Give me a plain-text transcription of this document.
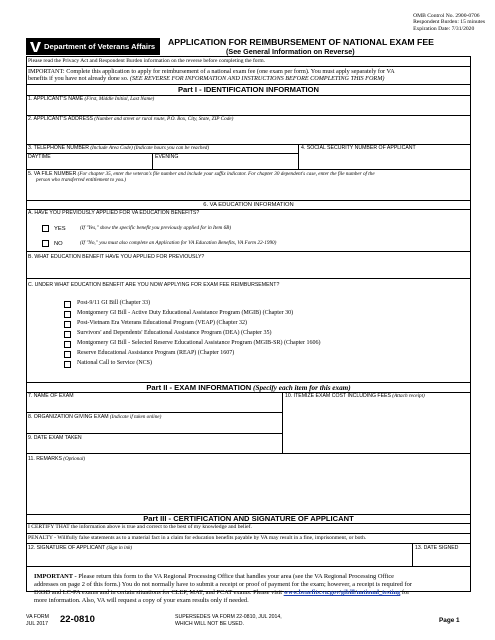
OMB Control No. 2900-0706
Respondent Burden: 15 minutes
Expiration Date: 7/31/2020
Department of Veterans Affairs APPLICATION FOR REIMBURSEMENT OF NATIONAL EXAM FEE
(See General Information on Reverse)
Please read the Privacy Act and Respondent Burden information on the reverse before completing the form.
IMPORTANT: Complete this application to apply for reimbursement of a national exam fee (one exam per form). You must apply separately for VA
benefits if you have not already done so. (SEE REVERSE FOR INFORMATION AND INSTRUCTIONS BEFORE COMPLETING THIS FORM)
Part I - IDENTIFICATION INFORMATION
1. APPLICANT'S NAME (First, Middle Initial, Last Name)
2. APPLICANT'S ADDRESS (Number and street or rural route, P.O. Box, City, State, ZIP Code)
3. TELEPHONE NUMBER (Include Area Code) (Indicate hours you can be reached)
DAYTIME	EVENING
4. SOCIAL SECURITY NUMBER OF APPLICANT
5. VA FILE NUMBER (For chapter 35, enter the veteran's file number and include your suffix indicator. For chapter 30 dependent's case, enter the file number of the
person who transferred entitlement to you.)
6. VA EDUCATION INFORMATION
A. HAVE YOU PREVIOUSLY APPLIED FOR VA EDUCATION BENEFITS?
YES	(If "Yes," show the specific benefit you previously applied for in Item 6B)
NO	(If "No," you must also complete an Application for VA Education Benefits, VA Form 22-1990)
B. WHAT EDUCATION BENEFIT HAVE YOU APPLIED FOR PREVIOUSLY?
C. UNDER WHAT EDUCATION BENEFIT ARE YOU NOW APPLYING FOR EXAM FEE REIMBURSEMENT?
Post-9/11 GI Bill (Chapter 33)
Montgomery GI Bill - Active Duty Educational Assistance Program (MGIB) (Chapter 30)
Post-Vietnam Era Veterans Educational Program (VEAP) (Chapter 32)
Survivors' and Dependents' Educational Assistance Program (DEA) (Chapter 35)
Montgomery GI Bill - Selected Reserve Educational Assistance Program (MGIB-SR) (Chapter 1606)
Reserve Educational Assistance Program (REAP) (Chapter 1607)
National Call to Service (NCS)
Part II - EXAM INFORMATION (Specify each item for this exam)
7. NAME OF EXAM
8. ORGANIZATION GIVING EXAM (Indicate if taken online)
9. DATE EXAM TAKEN
10. ITEMIZE EXAM COST INCLUDING FEES (Attach receipt)
11. REMARKS (Optional)
Part III - CERTIFICATION AND SIGNATURE OF APPLICANT
I CERTIFY THAT the information above is true and correct to the best of my knowledge and belief.
PENALTY - Willfully false statements as to a material fact in a claim for education benefits payable by VA may result in a fine, imprisonment, or both.
12. SIGNATURE OF APPLICANT (Sign in ink)	13. DATE SIGNED
IMPORTANT - Please return this form to the VA Regional Processing Office that handles your area (see the VA Regional Processing Office
addresses on page 2 of this form.) You do not normally have to submit a receipt or proof of payment for the exam; however, a receipt is required for
DSSD and LC-PA exams and in certain situations for CLEP, MAT, and PCAT exams. Please visit www.benefits.va.gov/gibill/national_testing for
more information. Also, VA will request a copy of your exam results only if needed.
VA FORM
JUL 2017 22-0810	SUPERSEDES VA FORM 22-0810, JUL 2014,
WHICH WILL NOT BE USED.	Page 1
